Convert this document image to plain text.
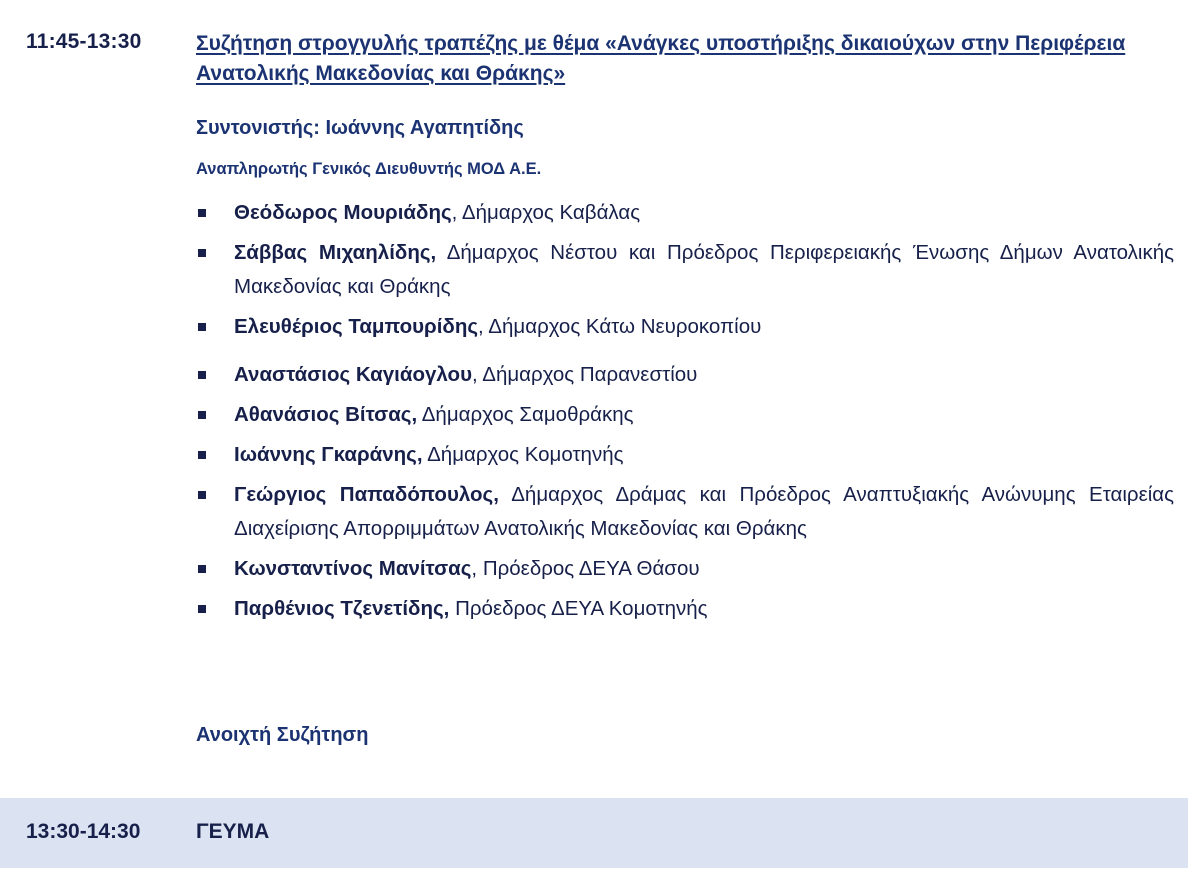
11:45-13:30	Συζήτηση στρογγυλής τραπέζης με θέμα «Ανάγκες υποστήριξης δικαιούχων στην Περιφέρεια Ανατολικής Μακεδονίας και Θράκης»
Συντονιστής: Ιωάννης Αγαπητίδης
Αναπληρωτής Γενικός Διευθυντής ΜΟΔ Α.Ε.
Θεόδωρος Μουριάδης, Δήμαρχος Καβάλας
Σάββας Μιχαηλίδης, Δήμαρχος Νέστου και Πρόεδρος Περιφερειακής Ένωσης Δήμων Ανατολικής Μακεδονίας και Θράκης
Ελευθέριος Ταμπουρίδης, Δήμαρχος Κάτω Νευροκοπίου
Αναστάσιος Καγιάογλου, Δήμαρχος Παρανεστίου
Αθανάσιος Βίτσας, Δήμαρχος Σαμοθράκης
Ιωάννης Γκαράνης, Δήμαρχος Κομοτηνής
Γεώργιος Παπαδόπουλος, Δήμαρχος Δράμας και Πρόεδρος Αναπτυξιακής Ανώνυμης Εταιρείας Διαχείρισης Απορριμμάτων Ανατολικής Μακεδονίας και Θράκης
Κωνσταντίνος Μανίτσας, Πρόεδρος ΔΕΥΑ Θάσου
Παρθένιος Τζενετίδης, Πρόεδρος ΔΕΥΑ Κομοτηνής
Ανοιχτή Συζήτηση
13:30-14:30	ΓΕΥΜΑ
